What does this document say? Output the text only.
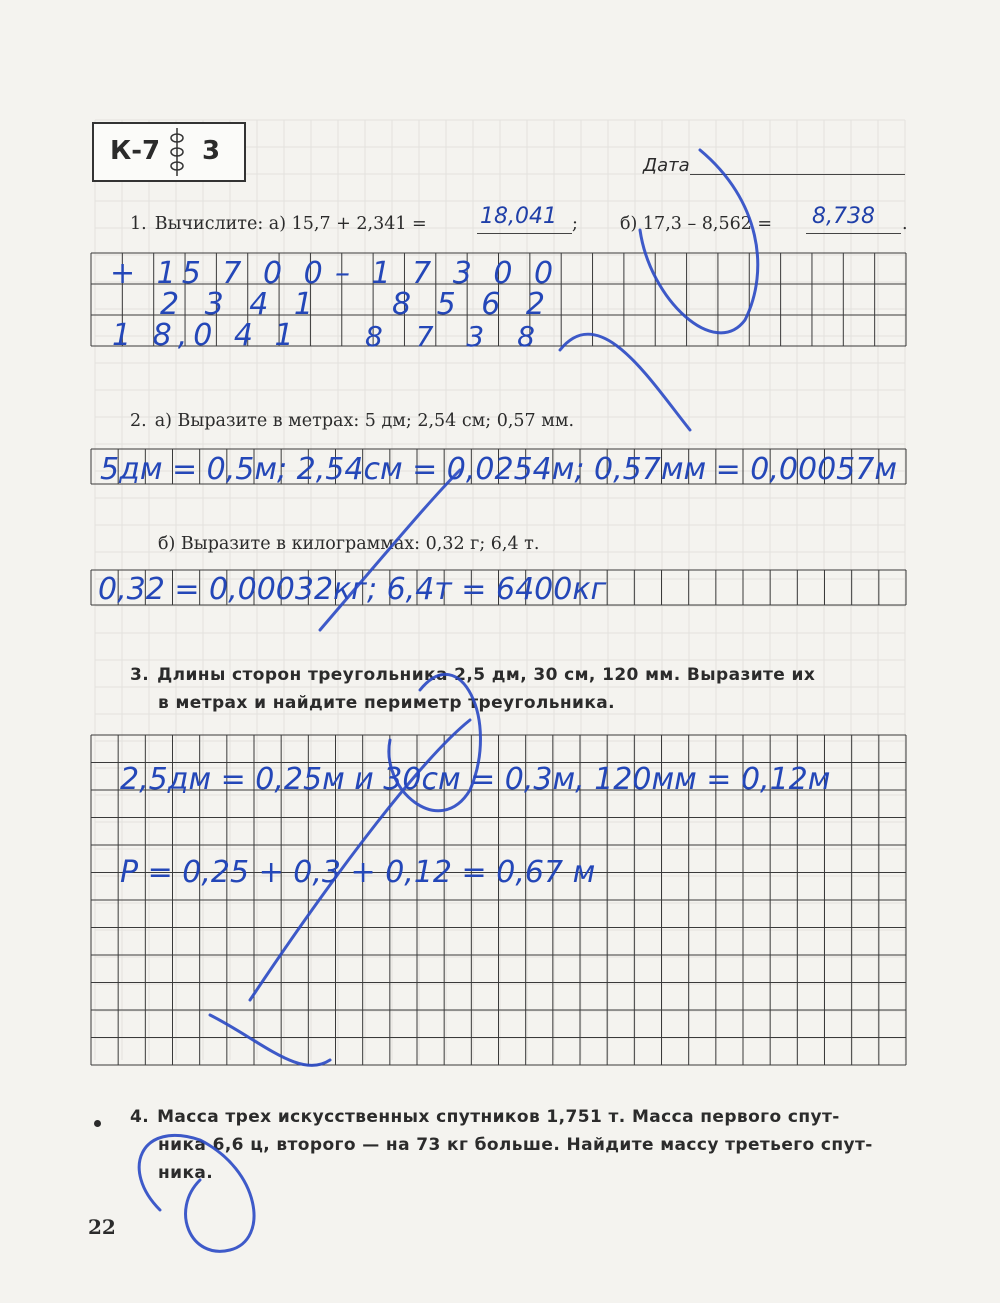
К-7 3	Дата
1. Вычислите: а) 15,7 + 2,341 = 18,041 ; б) 17,3 – 8,562 = 8,738 .
+ 15 7 0 0
2 3 4 1
1 8,0 4 1
– 1 7 3 0 0
8 5 6 2
8 7 3 8
2. а) Выразите в метрах: 5 дм; 2,54 см; 0,57 мм.
5дм = 0,5м; 2,54см = 0,0254м; 0,57мм = 0,00057м
б) Выразите в килограммах: 0,32 г; 6,4 т.
0,32 = 0,00032кг; 6,4т = 6400кг
3. Длины сторон треугольника 2,5 дм, 30 см, 120 мм. Выразите их
в метрах и найдите периметр треугольника.
2,5дм = 0,25м и 30см = 0,3м, 120мм = 0,12м
P = 0,25 + 0,3 + 0,12 = 0,67 м
4. Масса трех искусственных спутников 1,751 т. Масса первого спут-
ника 6,6 ц, второго — на 73 кг больше. Найдите массу третьего спут-
ника.
22
